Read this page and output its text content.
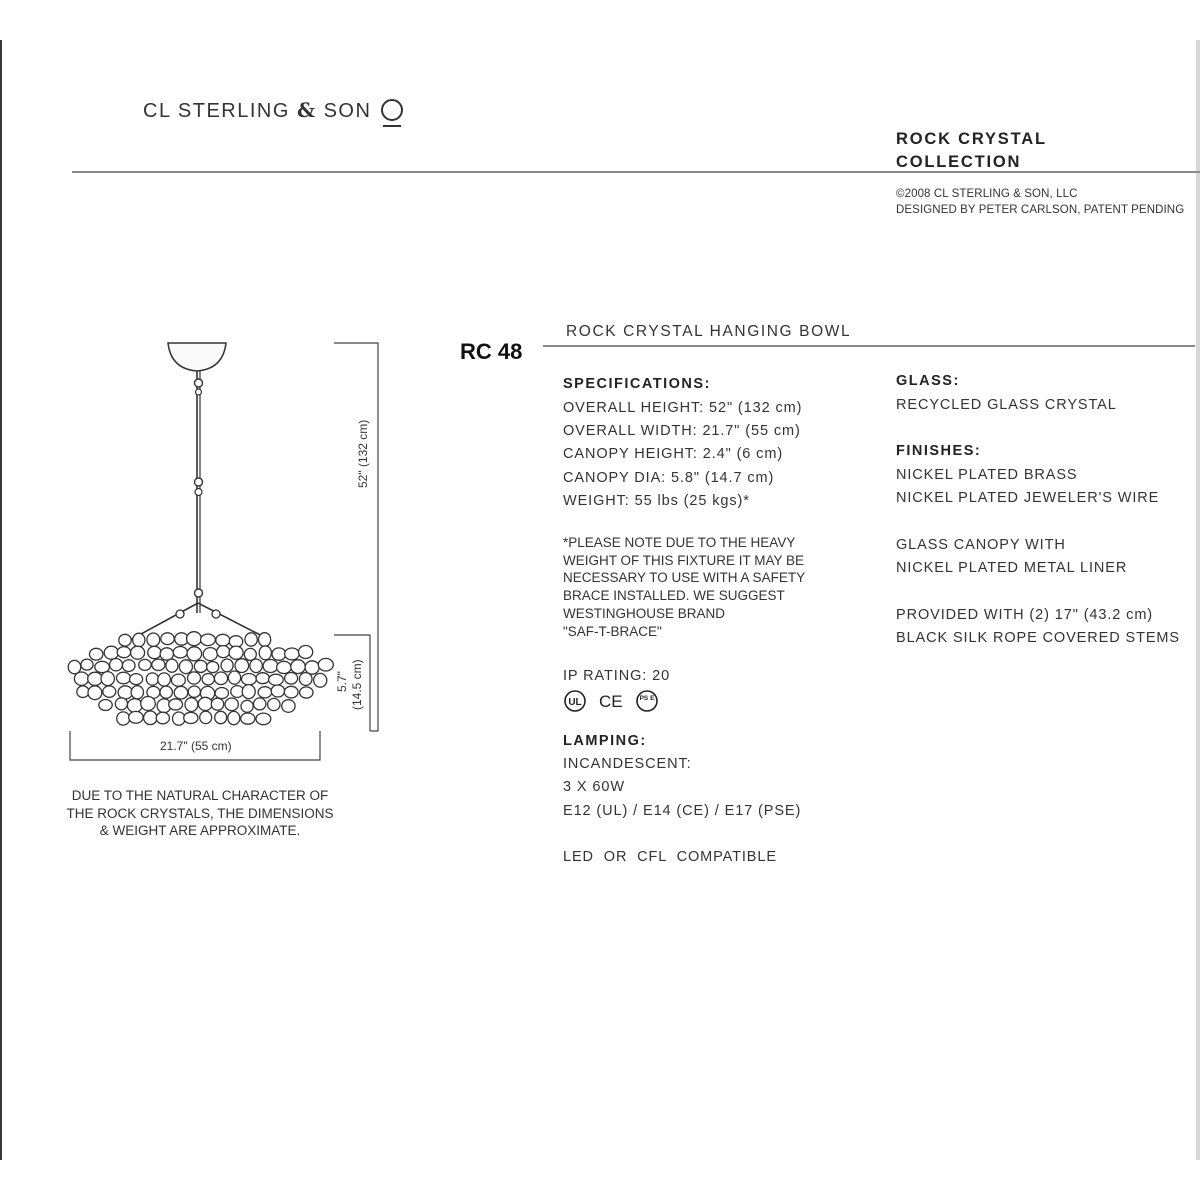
CL STERLING & SON
ROCK CRYSTAL
COLLECTION
©2008 CL STERLING & SON, LLC
DESIGNED BY PETER CARLSON, PATENT PENDING
RC 48
ROCK CRYSTAL HANGING BOWL
SPECIFICATIONS:
OVERALL HEIGHT: 52" (132 cm)
OVERALL WIDTH: 21.7" (55 cm)
CANOPY HEIGHT: 2.4" (6 cm)
CANOPY DIA: 5.8" (14.7 cm)
WEIGHT: 55 lbs (25 kgs)*
*PLEASE NOTE DUE TO THE HEAVY
WEIGHT OF THIS FIXTURE IT MAY BE
NECESSARY TO USE WITH A SAFETY
BRACE INSTALLED. WE SUGGEST
WESTINGHOUSE BRAND
"SAF-T-BRACE"
IP RATING: 20
UL CE	PS E
LAMPING:
INCANDESCENT:
3 X 60W
E12 (UL) / E14 (CE) / E17 (PSE)
LED  OR  CFL  COMPATIBLE
GLASS:
RECYCLED GLASS CRYSTAL
FINISHES:
NICKEL PLATED BRASS
NICKEL PLATED JEWELER'S WIRE
GLASS CANOPY WITH
NICKEL PLATED METAL LINER
PROVIDED WITH (2) 17" (43.2 cm)
BLACK SILK ROPE COVERED STEMS
52" (132 cm)
5.7" (14.5 cm)
21.7" (55 cm)
DUE TO THE NATURAL CHARACTER OF
THE ROCK CRYSTALS, THE DIMENSIONS
& WEIGHT ARE APPROXIMATE.
